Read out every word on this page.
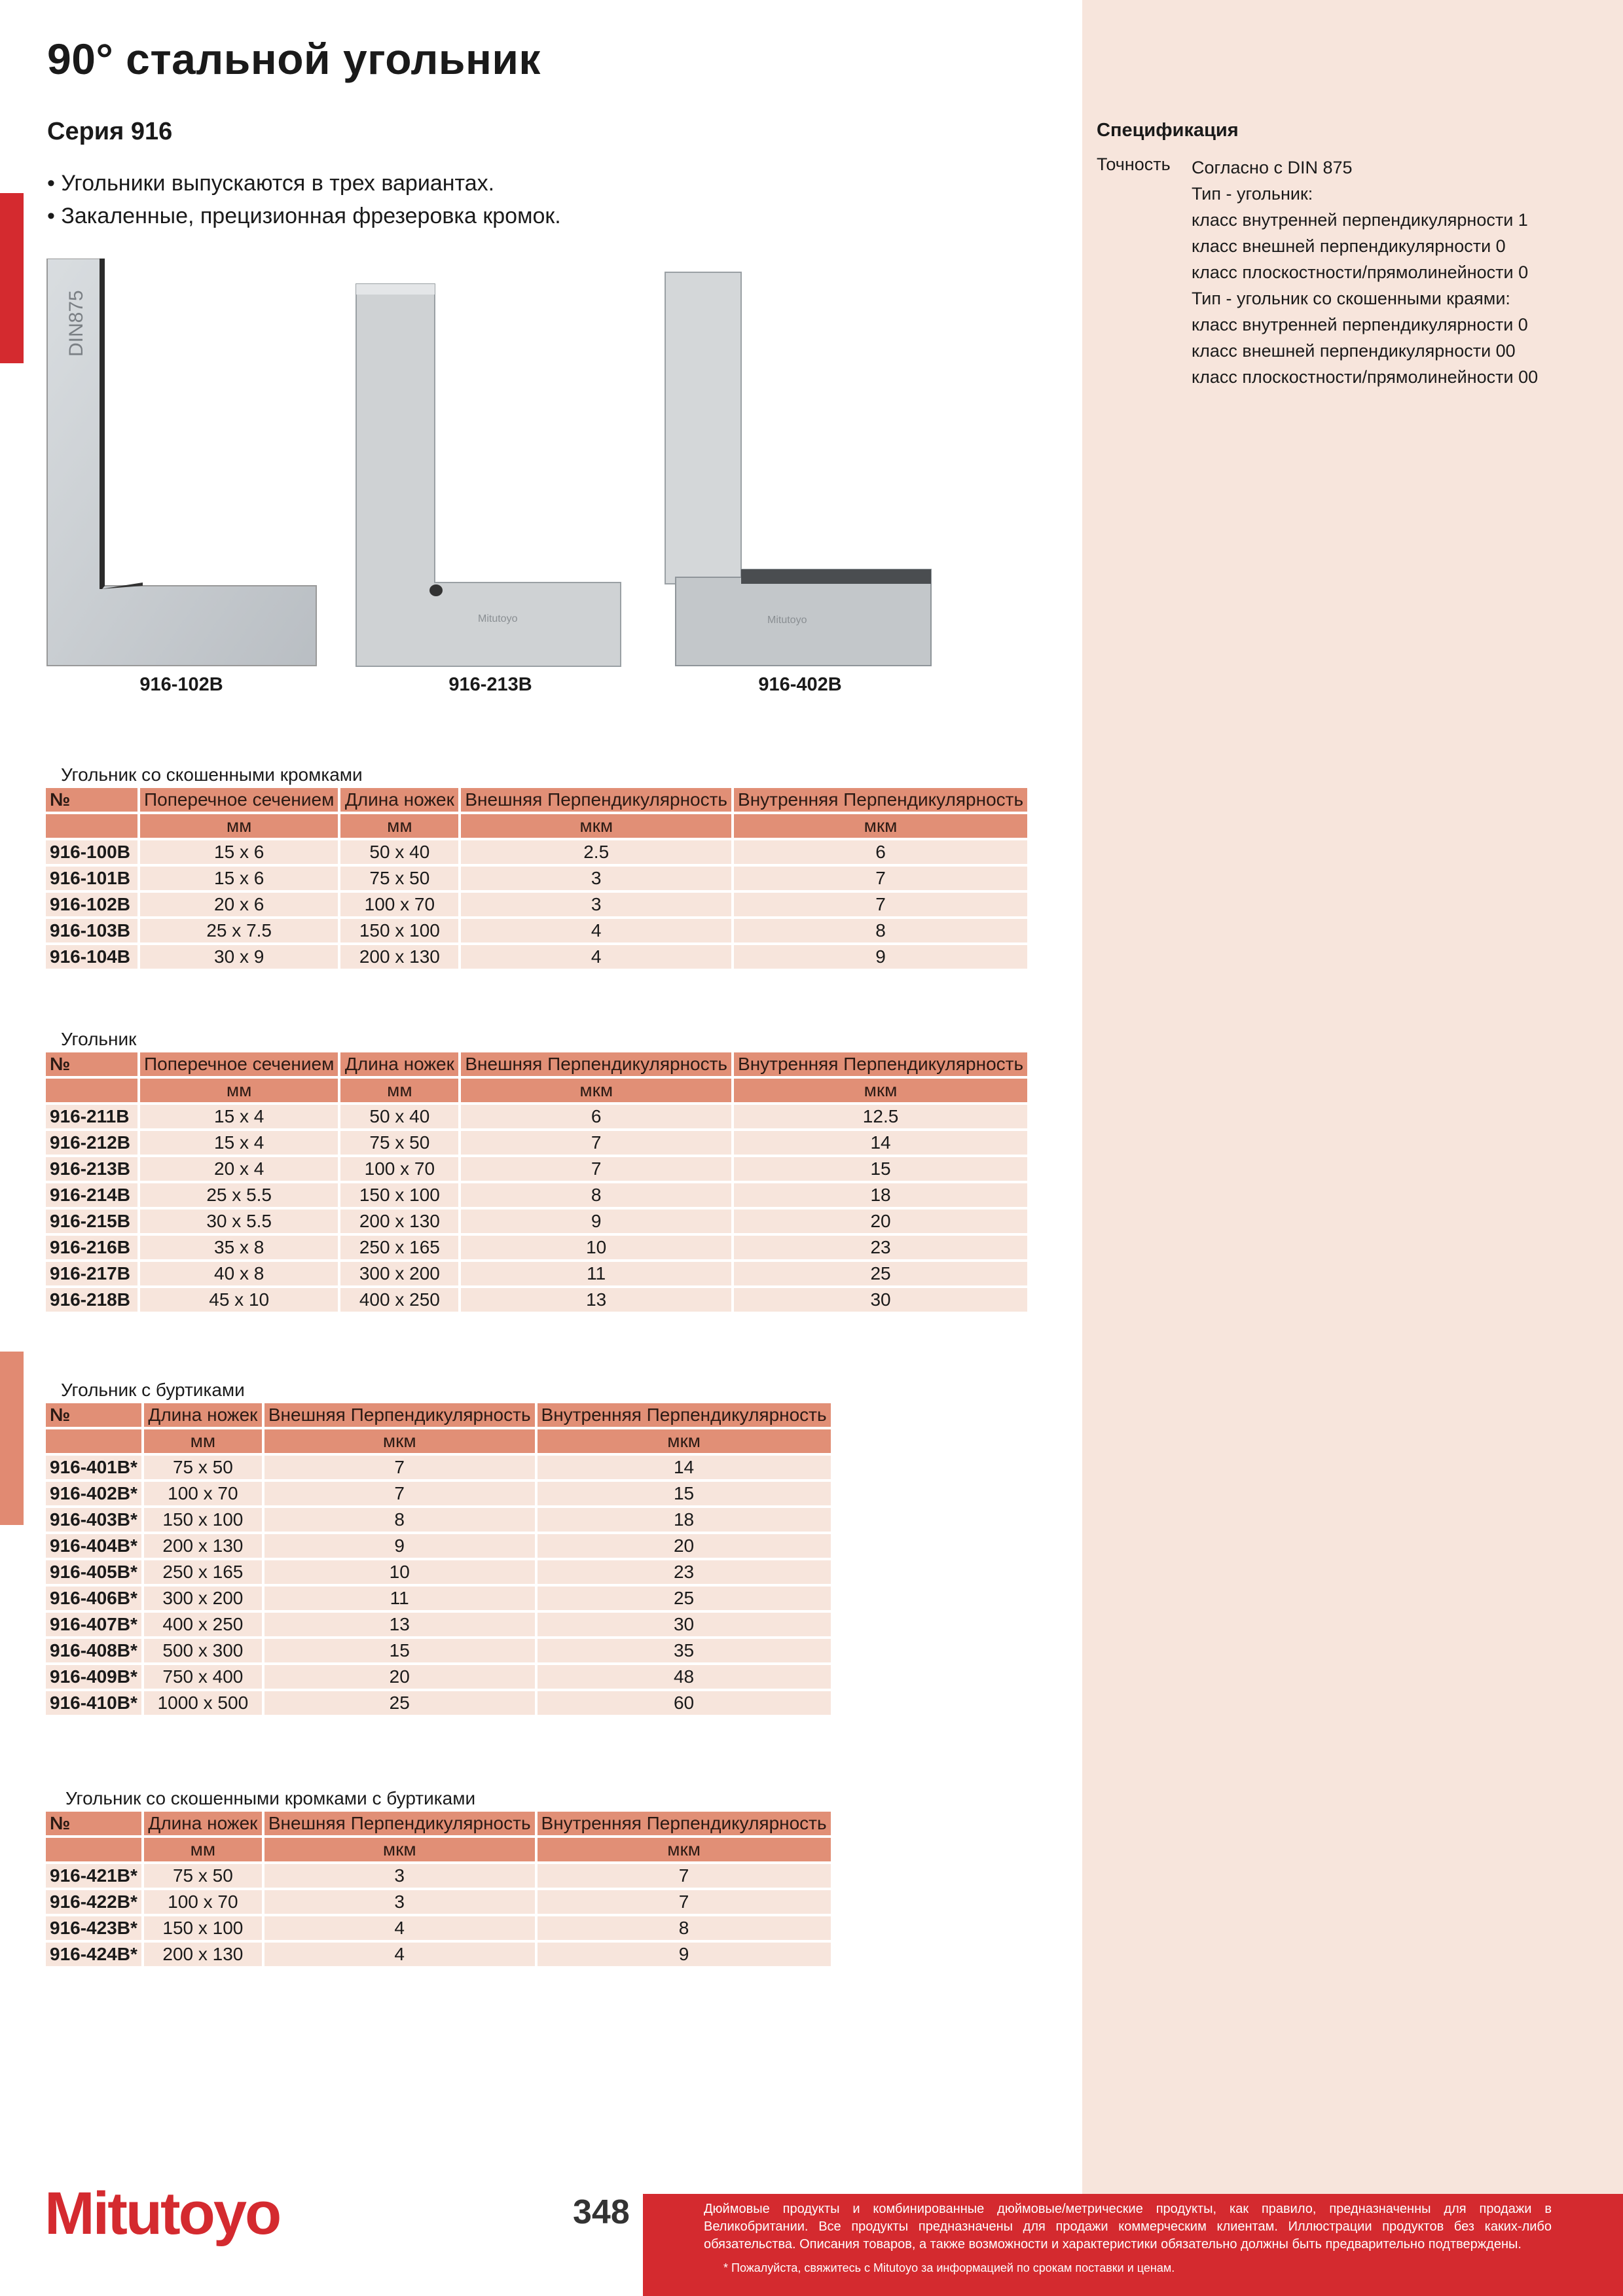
90° стальной угольник
Серия 916
• Угольники выпускаются в трех вариантах.
• Закаленные, прецизионная фрезеровка кромок.
DIN875
Mitutoyo	Mitutoyo
916-102B	916-213B	916-402B
Спецификация
Точность Согласно с DIN 875
Тип - угольник:
класс внутренней перпендикулярности 1
класс внешней перпендикулярности 0
класс плоскостности/прямолинейности 0
Тип - угольник со скошенными краями:
класс внутренней перпендикулярности 0
класс внешней перпендикулярности 00
класс плоскостности/прямолинейности 00
Угольник со скошенными кромками
№	Поперечное сечением	Длина ножек	Внешняя Перпендикулярность	Внутренняя Перпендикулярность
	мм	мм	мкм	мкм
916-100B	15 x 6	50 x 40	2.5	6
916-101B	15 x 6	75 x 50	3	7
916-102B	20 x 6	100 x 70	3	7
916-103B	25 x 7.5	150 x 100	4	8
916-104B	30 x 9	200 x 130	4	9
Угольник
№	Поперечное сечением	Длина ножек	Внешняя Перпендикулярность	Внутренняя Перпендикулярность
	мм	мм	мкм	мкм
916-211B	15 x 4	50 x 40	6	12.5
916-212B	15 x 4	75 x 50	7	14
916-213B	20 x 4	100 x 70	7	15
916-214B	25 x 5.5	150 x 100	8	18
916-215B	30 x 5.5	200 x 130	9	20
916-216B	35 x 8	250 x 165	10	23
916-217B	40 x 8	300 x 200	11	25
916-218B	45 x 10	400 x 250	13	30
Угольник с буртиками
№	Длина ножек	Внешняя Перпендикулярность	Внутренняя Перпендикулярность
	мм	мкм	мкм
916-401B*	75 x 50	7	14
916-402B*	100 x 70	7	15
916-403B*	150 x 100	8	18
916-404B*	200 x 130	9	20
916-405B*	250 x 165	10	23
916-406B*	300 x 200	11	25
916-407B*	400 x 250	13	30
916-408B*	500 x 300	15	35
916-409B*	750 x 400	20	48
916-410B*	1000 x 500	25	60
Угольник со скошенными кромками с буртиками
№	Длина ножек	Внешняя Перпендикулярность	Внутренняя Перпендикулярность
	мм	мкм	мкм
916-421B*	75 x 50	3	7
916-422B*	100 x 70	3	7
916-423B*	150 x 100	4	8
916-424B*	200 x 130	4	9
Mitutoyo	348	Дюймовые продукты и комбинированные дюймовые/метрические продукты, как правило, предназначенны для продажи в Великобритании. Все продукты предназначены для продажи коммерческим клиентам. Иллюстрации продуктов без каких-либо обязательства. Описания товаров, а также возможности и характеристики обязательно должны быть предварительно подтверждены.
* Пожалуйста, свяжитесь с Mitutoyo за информацией по срокам поставки и ценам.
